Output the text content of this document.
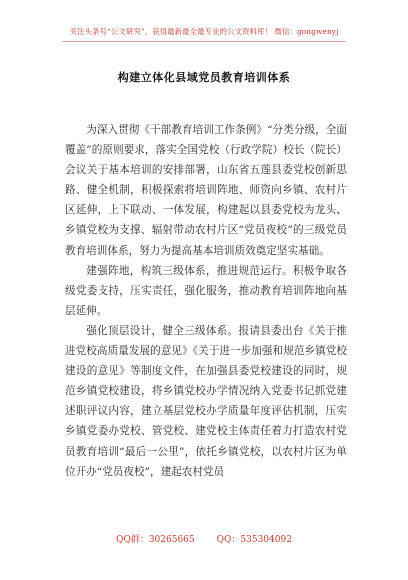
关注头条号“公文研究”，获得最新最全最专业的公文资料库！ 微信：gongwenyj
构建立体化县域党员教育培训体系

为深入贯彻《干部教育培训工作条例》“分类分级，全面覆盖”的原则要求，落实全国党校（行政学院）校长（院长）会议关于基本培训的安排部署，山东省五莲县委党校创新思路、健全机制，积极探索将培训阵地、师资向乡镇、农村片区延伸，上下联动、一体发展，构建起以县委党校为龙头、乡镇党校为支撑、辐射带动农村片区“党员夜校”的三级党员教育培训体系，努力为提高基本培训质效奠定坚实基础。

建强阵地，构筑三级体系，推进规范运行。积极争取各级党委支持，压实责任，强化服务，推动教育培训阵地向基层延伸。

强化顶层设计，健全三级体系。报请县委出台《关于推进党校高质量发展的意见》《关于进一步加强和规范乡镇党校建设的意见》等制度文件，在加强县委党校建设的同时，规范乡镇党校建设，将乡镇党校办学情况纳入党委书记抓党建述职评议内容，建立基层党校办学质量年度评估机制，压实乡镇党委办党校、管党校、建党校主体责任着力打造农村党员教育培训“最后一公里”，依托乡镇党校，以农村片区为单位开办“党员夜校”，建起农村党员

QQ群：30265665 QQ：535304092
